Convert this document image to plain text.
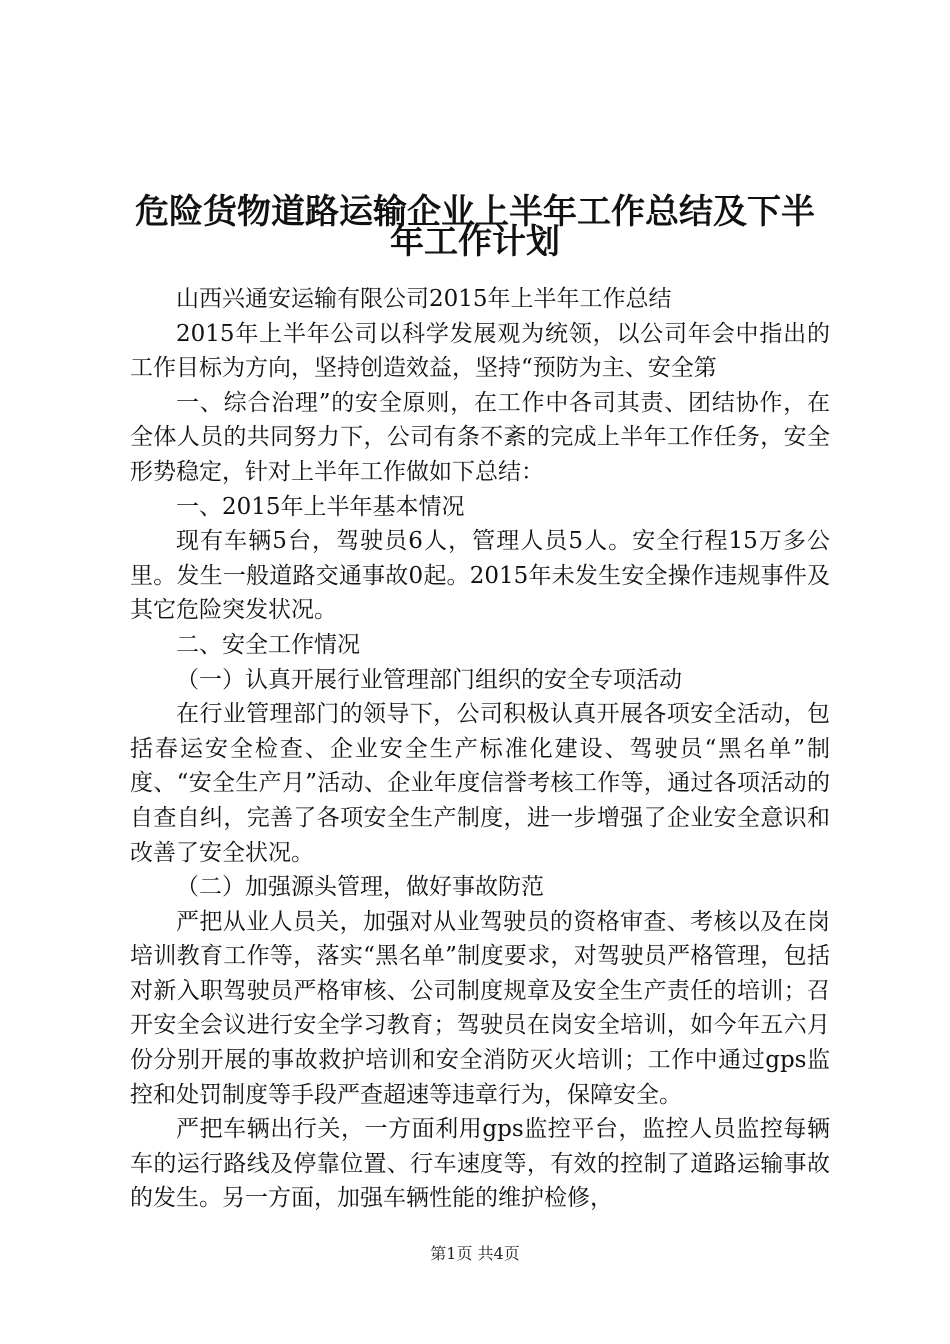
危险货物道路运输企业上半年工作总结及下半
年工作计划

山西兴通安运输有限公司2015年上半年工作总结

2015年上半年公司以科学发展观为统领，以公司年会中指出的工作目标为方向，坚持创造效益，坚持“预防为主、安全第

一、综合治理”的安全原则，在工作中各司其责、团结协作，在全体人员的共同努力下，公司有条不紊的完成上半年工作任务，安全形势稳定，针对上半年工作做如下总结：

一、2015年上半年基本情况

现有车辆5台，驾驶员6人，管理人员5人。安全行程15万多公里。发生一般道路交通事故0起。2015年未发生安全操作违规事件及其它危险突发状况。

二、安全工作情况

（一）认真开展行业管理部门组织的安全专项活动

在行业管理部门的领导下，公司积极认真开展各项安全活动，包括春运安全检查、企业安全生产标准化建设、驾驶员“黑名单”制度、“安全生产月”活动、企业年度信誉考核工作等，通过各项活动的自查自纠，完善了各项安全生产制度，进一步增强了企业安全意识和改善了安全状况。

（二）加强源头管理，做好事故防范

严把从业人员关，加强对从业驾驶员的资格审查、考核以及在岗培训教育工作等，落实“黑名单”制度要求，对驾驶员严格管理，包括对新入职驾驶员严格审核、公司制度规章及安全生产责任的培训；召开安全会议进行安全学习教育；驾驶员在岗安全培训，如今年五六月份分别开展的事故救护培训和安全消防灭火培训；工作中通过gps监控和处罚制度等手段严查超速等违章行为，保障安全。

严把车辆出行关，一方面利用gps监控平台，监控人员监控每辆车的运行路线及停靠位置、行车速度等，有效的控制了道路运输事故的发生。另一方面，加强车辆性能的维护检修，

第1页 共4页
